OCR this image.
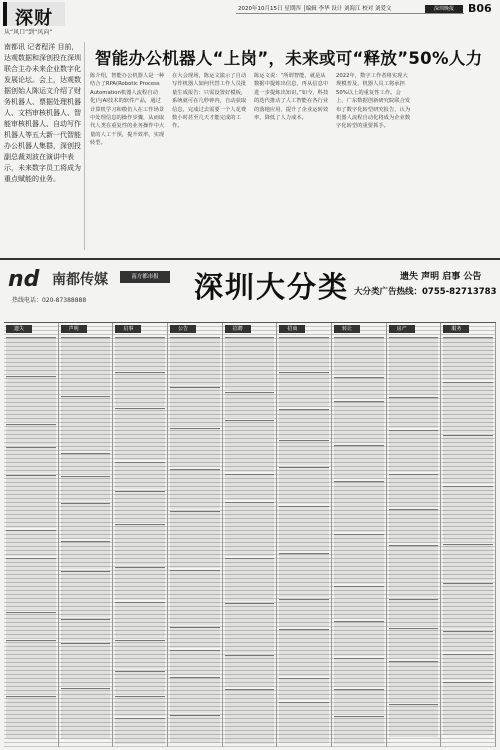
深财
从“风口”到“风向”
2020年10月15日 星期四 │编辑 李华 设计 刘海江 校对 刘爱文	深圳晚报	B06
南都讯 记者程洋 目前，达观数据和深创投在深圳联合主办未来企业数字化发展论坛。会上，达观数据创始人陈运文介绍了财务机器人、票据处理机器人、文档审核机器人、智能审核机器人、自动写作机器人等五大新一代智能办公机器人集群，深创投副总裁刘波在演讲中表示，未来数字员工将成为重点赋能的业务。
智能办公机器人“上岗”，未来或可“释放”50%人力
陈介绍，智能办公机器人是一种结合了RPA(Robotic Process Automation机器人流程自动化)与AI技术的软件产品，通过计算机学习和模仿人在工作场景中处理信息的操作步骤，从而取代人类在重复性的业务操作中大量的人工干预，提升效率，实现转型。
在大会现场，陈运文演示了自动写作机器人如何代替工作人员批量生成报告：只需设置好模板，系统就可在几秒钟内，自动获取信息，完成过去需要一个人花费数小时甚至几天才能完成的工作。
陈运文说：“所谓智能，就是从数据中提炼出信息，再从信息中进一步提炼出知识。”如今，科技的迭代推动了人工智能在各行业的落地应用，提升了企业运转效率，降低了人力成本。
2022年，数字工作者将实现大规模普及，机器人员工将承担50%以上的重复性工作。会上，广东数据创新研究院联合发布了数字化转型研究报告，认为机器人流程自动化将成为企业数字化转型的重要抓手。
nd 南都传媒	南方都市报
热线电话：020-87388888	深圳大分类	遗失 声明 启事 公告
大分类广告热线：0755-82713783
遗失	声明	启事	公告	招聘	招商	转让	房产	服务
